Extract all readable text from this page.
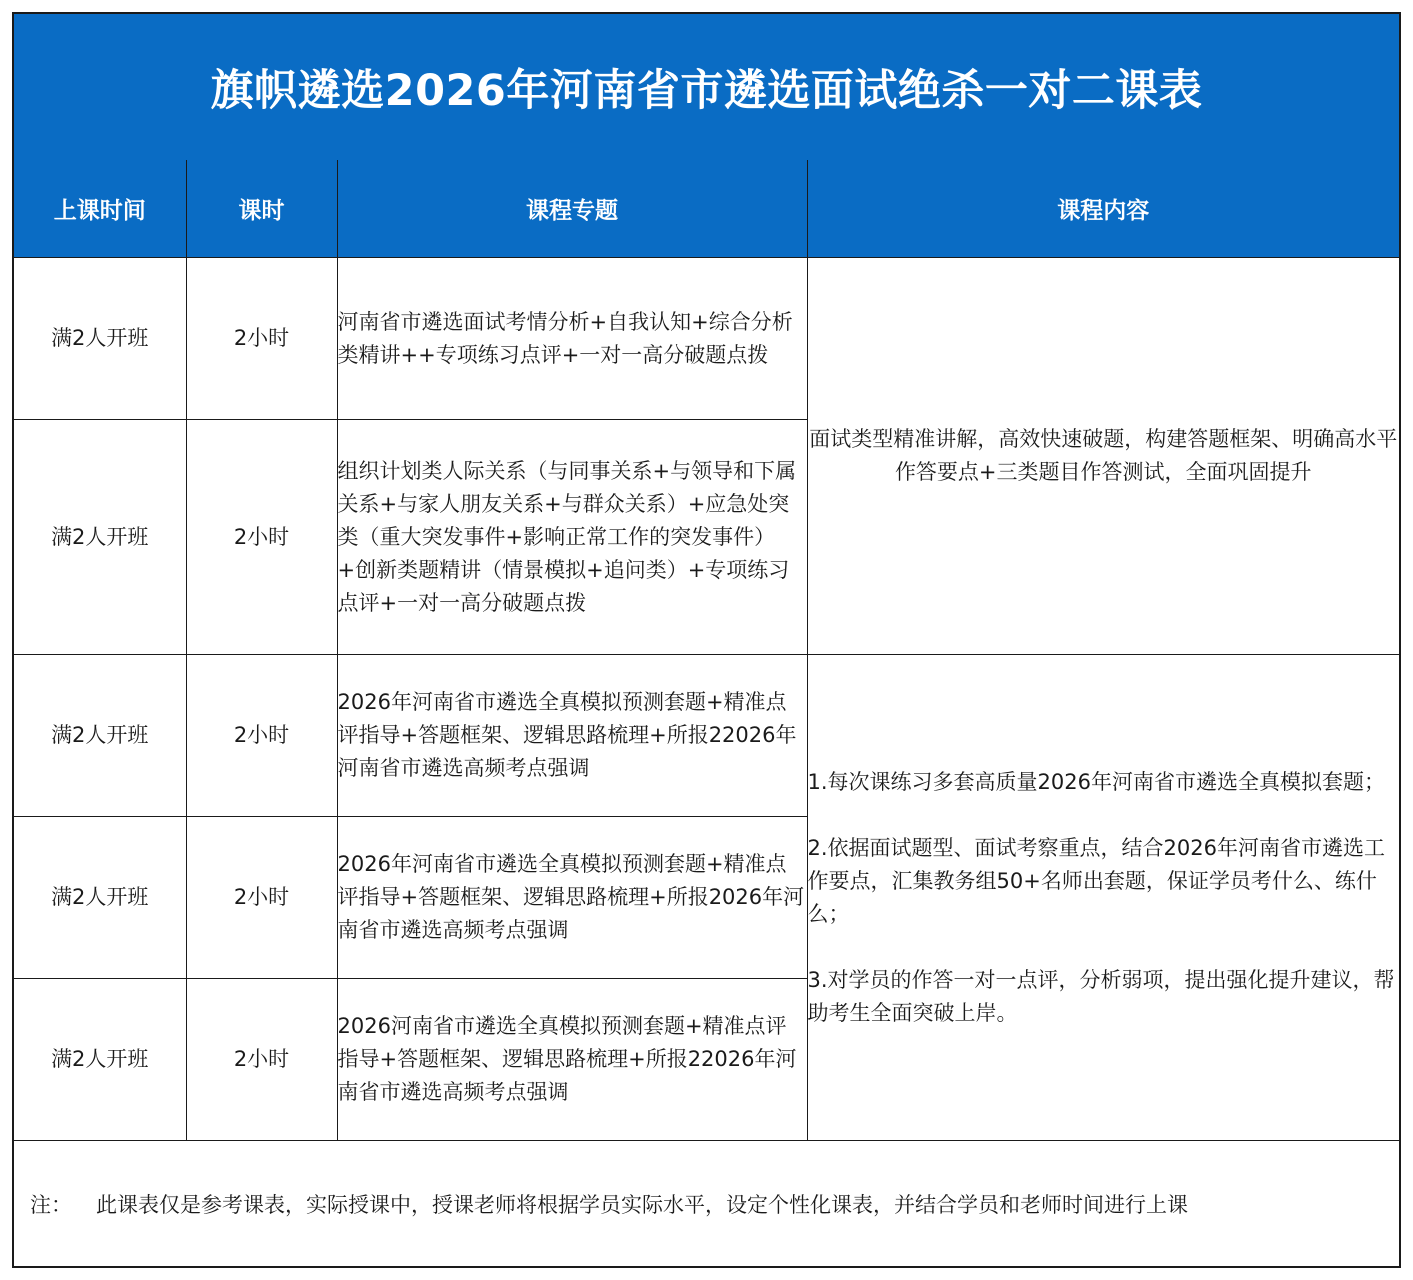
旗帜遴选2026年河南省市遴选面试绝杀一对二课表
上课时间	课时	课程专题	课程内容
满2人开班	2小时	河南省市遴选面试考情分析+自我认知+综合分析类精讲++专项练习点评+一对一高分破题点拨	面试类型精准讲解，高效快速破题，构建答题框架、明确高水平作答要点+三类题目作答测试，全面巩固提升
满2人开班	2小时	组织计划类人际关系（与同事关系+与领导和下属关系+与家人朋友关系+与群众关系）+应急处突类（重大突发事件+影响正常工作的突发事件） +创新类题精讲（情景模拟+追问类）+专项练习点评+一对一高分破题点拨	
满2人开班	2小时	2026年河南省市遴选全真模拟预测套题+精准点评指导+答题框架、逻辑思路梳理+所报22026年河南省市遴选高频考点强调	1.每次课练习多套高质量2026年河南省市遴选全真模拟套题；

2.依据面试题型、面试考察重点，结合2026年河南省市遴选工作要点，汇集教务组50+名师出套题，保证学员考什么、练什么；

3.对学员的作答一对一点评，分析弱项，提出强化提升建议，帮助考生全面突破上岸。

满2人开班	2小时	2026年河南省市遴选全真模拟预测套题+精准点评指导+答题框架、逻辑思路梳理+所报2026年河南省市遴选高频考点强调	
满2人开班	2小时	2026河南省市遴选全真模拟预测套题+精准点评指导+答题框架、逻辑思路梳理+所报22026年河南省市遴选高频考点强调	
注： 此课表仅是参考课表，实际授课中，授课老师将根据学员实际水平，设定个性化课表，并结合学员和老师时间进行上课
